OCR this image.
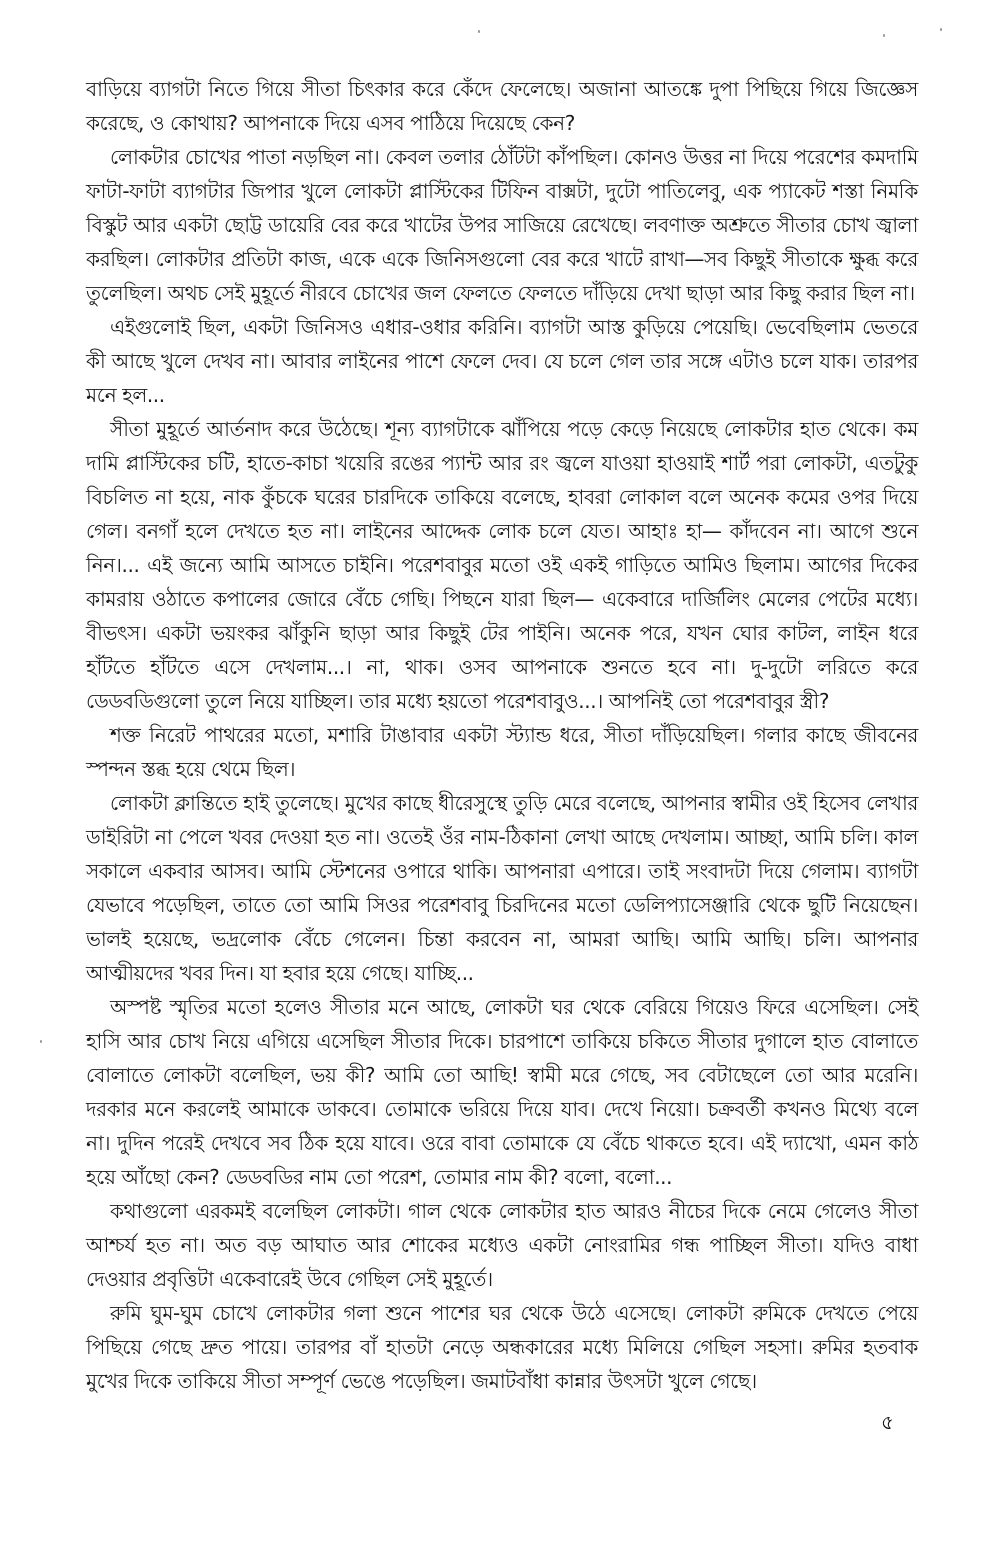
বাড়িয়ে ব্যাগটা নিতে গিয়ে সীতা চিৎকার করে কেঁদে ফেলেছে। অজানা আতঙ্কে দুপা পিছিয়ে গিয়ে জিজ্ঞেস করেছে, ও কোথায়? আপনাকে দিয়ে এসব পাঠিয়ে দিয়েছে কেন?

লোকটার চোখের পাতা নড়ছিল না। কেবল তলার ঠোঁটটা কাঁপছিল। কোনও উত্তর না দিয়ে পরেশের কমদামি ফাটা-ফাটা ব্যাগটার জিপার খুলে লোকটা প্লাস্টিকের টিফিন বাক্সটা, দুটো পাতিলেবু, এক প্যাকেট শস্তা নিমকি বিস্কুট আর একটা ছোট্ট ডায়েরি বের করে খাটের উপর সাজিয়ে রেখেছে। লবণাক্ত অশ্রুতে সীতার চোখ জ্বালা করছিল। লোকটার প্রতিটা কাজ, একে একে জিনিসগুলো বের করে খাটে রাখা—সব কিছুই সীতাকে ক্ষুব্ধ করে তুলেছিল। অথচ সেই মুহূর্তে নীরবে চোখের জল ফেলতে ফেলতে দাঁড়িয়ে দেখা ছাড়া আর কিছু করার ছিল না।

এইগুলোই ছিল, একটা জিনিসও এধার-ওধার করিনি। ব্যাগটা আস্ত কুড়িয়ে পেয়েছি। ভেবেছিলাম ভেতরে কী আছে খুলে দেখব না। আবার লাইনের পাশে ফেলে দেব। যে চলে গেল তার সঙ্গে এটাও চলে যাক। তারপর মনে হল...

সীতা মুহূর্তে আর্তনাদ করে উঠেছে। শূন্য ব্যাগটাকে ঝাঁপিয়ে পড়ে কেড়ে নিয়েছে লোকটার হাত থেকে। কম দামি প্লাস্টিকের চটি, হাতে-কাচা খয়েরি রঙের প্যান্ট আর রং জ্বলে যাওয়া হাওয়াই শার্ট পরা লোকটা, এতটুকু বিচলিত না হয়ে, নাক কুঁচকে ঘরের চারদিকে তাকিয়ে বলেছে, হাবরা লোকাল বলে অনেক কমের ওপর দিয়ে গেল। বনগাঁ হলে দেখতে হত না। লাইনের আদ্দেক লোক চলে যেত। আহাঃ হা— কাঁদবেন না। আগে শুনে নিন।... এই জন্যে আমি আসতে চাইনি। পরেশবাবুর মতো ওই একই গাড়িতে আমিও ছিলাম। আগের দিকের কামরায় ওঠাতে কপালের জোরে বেঁচে গেছি। পিছনে যারা ছিল— একেবারে দার্জিলিং মেলের পেটের মধ্যে। বীভৎস। একটা ভয়ংকর ঝাঁকুনি ছাড়া আর কিছুই টের পাইনি। অনেক পরে, যখন ঘোর কাটল, লাইন ধরে হাঁটতে হাঁটতে এসে দেখলাম...। না, থাক। ওসব আপনাকে শুনতে হবে না। দু-দুটো লরিতে করে ডেডবডিগুলো তুলে নিয়ে যাচ্ছিল। তার মধ্যে হয়তো পরেশবাবুও...। আপনিই তো পরেশবাবুর স্ত্রী?

শক্ত নিরেট পাথরের মতো, মশারি টাঙাবার একটা স্ট্যান্ড ধরে, সীতা দাঁড়িয়েছিল। গলার কাছে জীবনের স্পন্দন স্তব্ধ হয়ে থেমে ছিল।

লোকটা ক্লান্তিতে হাই তুলেছে। মুখের কাছে ধীরেসুস্থে তুড়ি মেরে বলেছে, আপনার স্বামীর ওই হিসেব লেখার ডাইরিটা না পেলে খবর দেওয়া হত না। ওতেই ওঁর নাম-ঠিকানা লেখা আছে দেখলাম। আচ্ছা, আমি চলি। কাল সকালে একবার আসব। আমি স্টেশনের ওপারে থাকি। আপনারা এপারে। তাই সংবাদটা দিয়ে গেলাম। ব্যাগটা যেভাবে পড়েছিল, তাতে তো আমি সিওর পরেশবাবু চিরদিনের মতো ডেলিপ্যাসেঞ্জারি থেকে ছুটি নিয়েছেন। ভালই হয়েছে, ভদ্রলোক বেঁচে গেলেন। চিন্তা করবেন না, আমরা আছি। আমি আছি। চলি। আপনার আত্মীয়দের খবর দিন। যা হবার হয়ে গেছে। যাচ্ছি...

অস্পষ্ট স্মৃতির মতো হলেও সীতার মনে আছে, লোকটা ঘর থেকে বেরিয়ে গিয়েও ফিরে এসেছিল। সেই হাসি আর চোখ নিয়ে এগিয়ে এসেছিল সীতার দিকে। চারপাশে তাকিয়ে চকিতে সীতার দুগালে হাত বোলাতে বোলাতে লোকটা বলেছিল, ভয় কী? আমি তো আছি! স্বামী মরে গেছে, সব বেটাছেলে তো আর মরেনি। দরকার মনে করলেই আমাকে ডাকবে। তোমাকে ভরিয়ে দিয়ে যাব। দেখে নিয়ো। চক্রবর্তী কখনও মিথ্যে বলে না। দুদিন পরেই দেখবে সব ঠিক হয়ে যাবে। ওরে বাবা তোমাকে যে বেঁচে থাকতে হবে। এই দ্যাখো, এমন কাঠ হয়ে আঁছো কেন? ডেডবডির নাম তো পরেশ, তোমার নাম কী? বলো, বলো...

কথাগুলো এরকমই বলেছিল লোকটা। গাল থেকে লোকটার হাত আরও নীচের দিকে নেমে গেলেও সীতা আশ্চর্য হত না। অত বড় আঘাত আর শোকের মধ্যেও একটা নোংরামির গন্ধ পাচ্ছিল সীতা। যদিও বাধা দেওয়ার প্রবৃত্তিটা একেবারেই উবে গেছিল সেই মুহূর্তে।

রুমি ঘুম-ঘুম চোখে লোকটার গলা শুনে পাশের ঘর থেকে উঠে এসেছে। লোকটা রুমিকে দেখতে পেয়ে পিছিয়ে গেছে দ্রুত পায়ে। তারপর বাঁ হাতটা নেড়ে অন্ধকারের মধ্যে মিলিয়ে গেছিল সহসা। রুমির হতবাক মুখের দিকে তাকিয়ে সীতা সম্পূর্ণ ভেঙে পড়েছিল। জমাটবাঁধা কান্নার উৎসটা খুলে গেছে।

৫
